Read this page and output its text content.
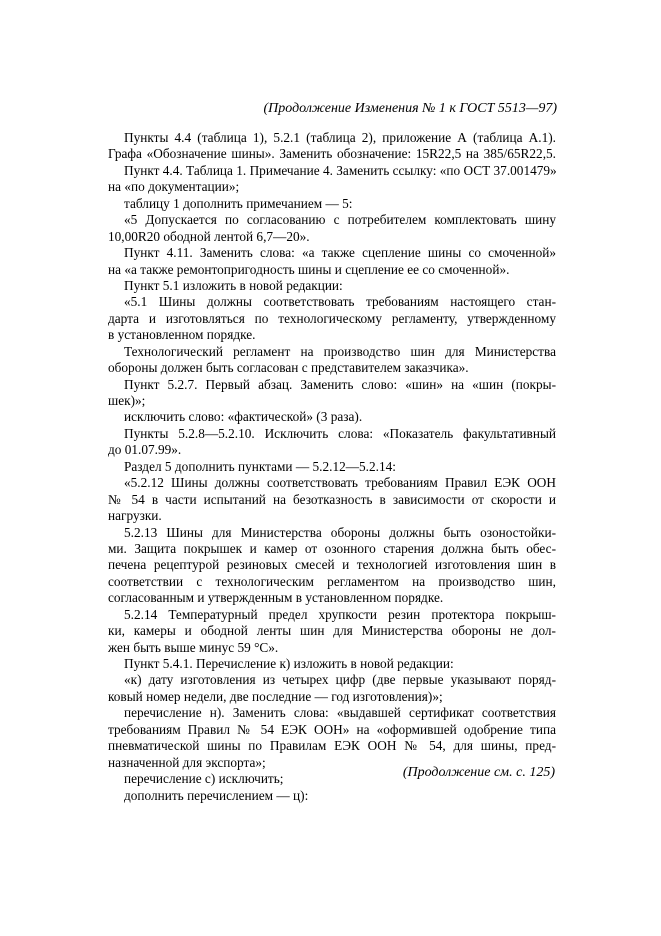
(Продолжение Изменения № 1 к ГОСТ 5513—97)
Пункты 4.4 (таблица 1), 5.2.1 (таблица 2), приложение А (таблица А.1).
Графа «Обозначение шины». Заменить обозначение: 15R22,5 на 385/65R22,5.
Пункт 4.4. Таблица 1. Примечание 4. Заменить ссылку: «по ОСТ 37.001479»
на «по документации»;
таблицу 1 дополнить примечанием — 5:
«5 Допускается по согласованию с потребителем комплектовать шину
10,00R20 ободной лентой 6,7—20».
Пункт 4.11. Заменить слова: «а также сцепление шины со смоченной»
на «а также ремонтопригодность шины и сцепление ее со смоченной».
Пункт 5.1 изложить в новой редакции:
«5.1 Шины должны соответствовать требованиям настоящего стан-
дарта и изготовляться по технологическому регламенту, утвержденному
в установленном порядке.
Технологический регламент на производство шин для Министерства
обороны должен быть согласован с представителем заказчика».
Пункт 5.2.7. Первый абзац. Заменить слово: «шин» на «шин (покры-
шек)»;
исключить слово: «фактической» (3 раза).
Пункты 5.2.8—5.2.10. Исключить слова: «Показатель факультативный
до 01.07.99».
Раздел 5 дополнить пунктами — 5.2.12—5.2.14:
«5.2.12 Шины должны соответствовать требованиям Правил ЕЭК ООН
№ 54 в части испытаний на безотказность в зависимости от скорости и
нагрузки.
5.2.13 Шины для Министерства обороны должны быть озоностойки-
ми. Защита покрышек и камер от озонного старения должна быть обес-
печена рецептурой резиновых смесей и технологией изготовления шин в
соответствии с технологическим регламентом на производство шин,
согласованным и утвержденным в установленном порядке.
5.2.14 Температурный предел хрупкости резин протектора покрыш-
ки, камеры и ободной ленты шин для Министерства обороны не дол-
жен быть выше минус 59 °С».
Пункт 5.4.1. Перечисление к) изложить в новой редакции:
«к) дату изготовления из четырех цифр (две первые указывают поряд-
ковый номер недели, две последние — год изготовления)»;
перечисление н). Заменить слова: «выдавшей сертификат соответствия
требованиям Правил № 54 ЕЭК ООН» на «оформившей одобрение типа
пневматической шины по Правилам ЕЭК ООН № 54, для шины, пред-
назначенной для экспорта»;
перечисление с) исключить;
дополнить перечислением — ц):
(Продолжение см. с. 125)
